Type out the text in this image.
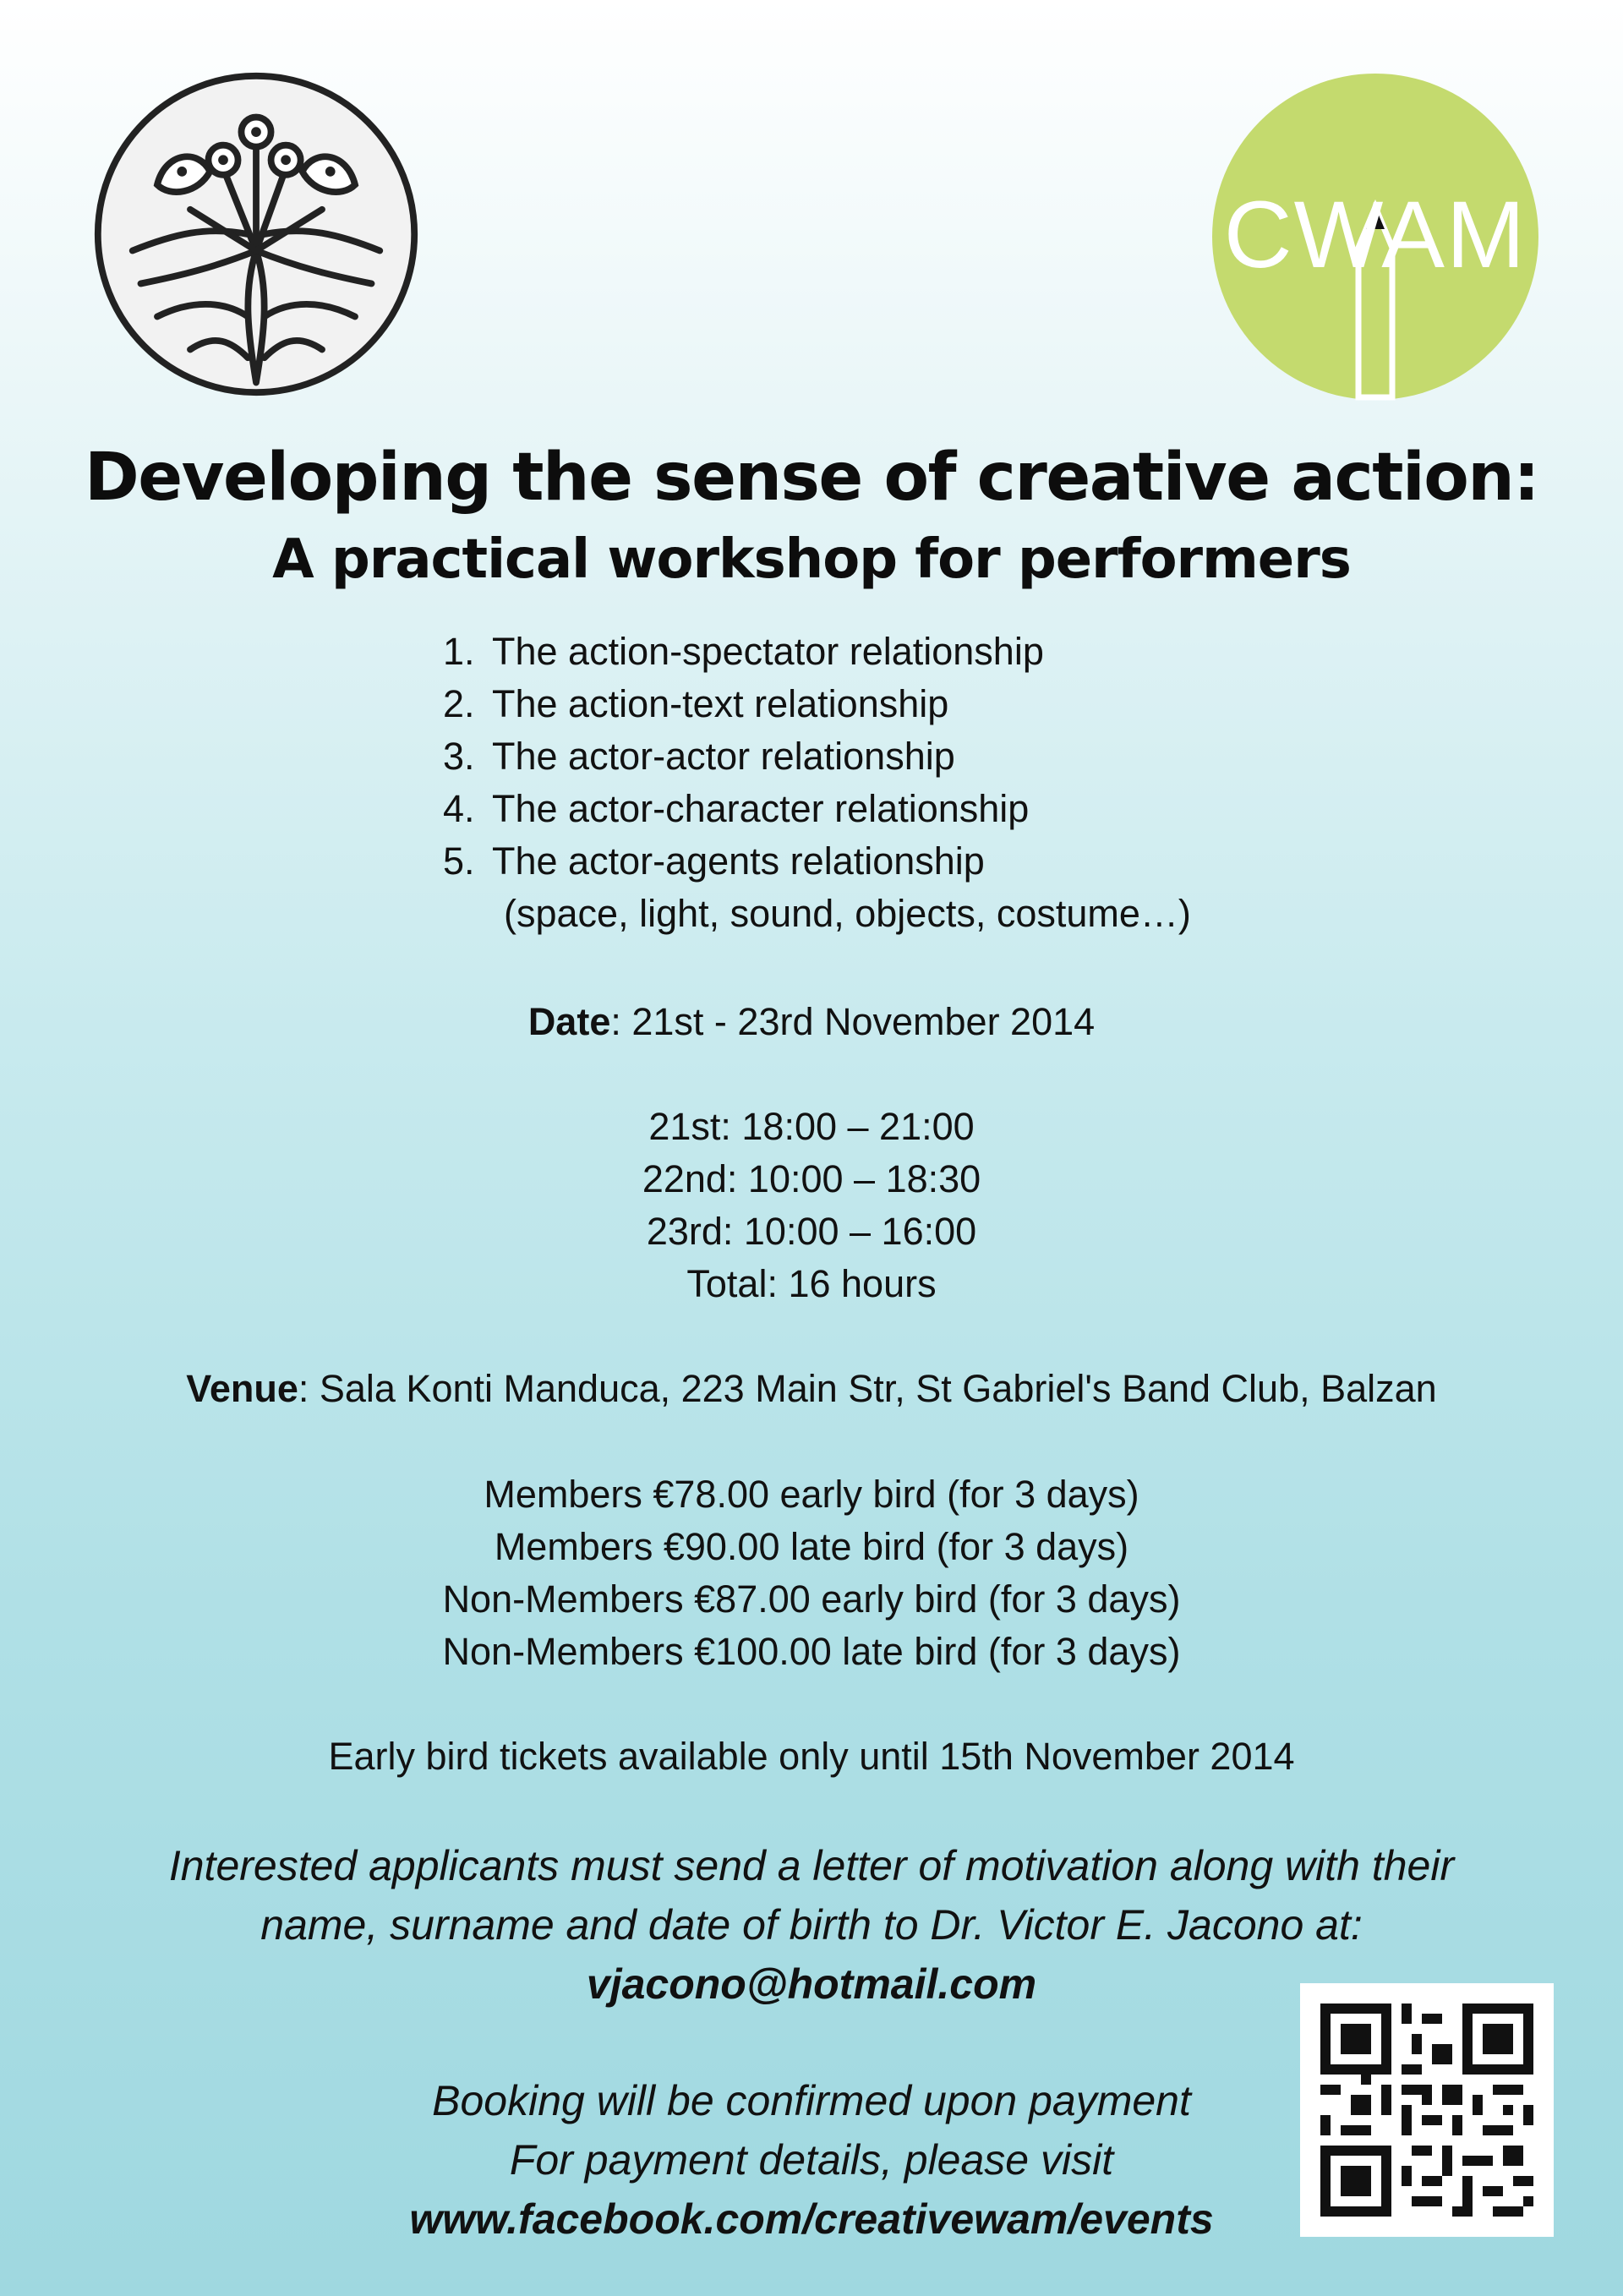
CWAM
Developing the sense of creative action:
A practical workshop for performers
1. The action-spectator relationship
2. The action-text relationship
3. The actor-actor relationship
4. The actor-character relationship
5. The actor-agents relationship
(space, light, sound, objects, costume…)
Date: 21st - 23rd November 2014
21st: 18:00 – 21:00
22nd: 10:00 – 18:30
23rd: 10:00 – 16:00
Total: 16 hours
Venue: Sala Konti Manduca, 223 Main Str, St Gabriel's Band Club, Balzan
Members €78.00 early bird (for 3 days)
Members €90.00 late bird (for 3 days)
Non-Members €87.00 early bird (for 3 days)
Non-Members €100.00 late bird (for 3 days)
Early bird tickets available only until 15th November 2014
Interested applicants must send a letter of motivation along with their
name, surname and date of birth to Dr. Victor E. Jacono at:
vjacono@hotmail.com
Booking will be confirmed upon payment
For payment details, please visit
www.facebook.com/creativewam/events
